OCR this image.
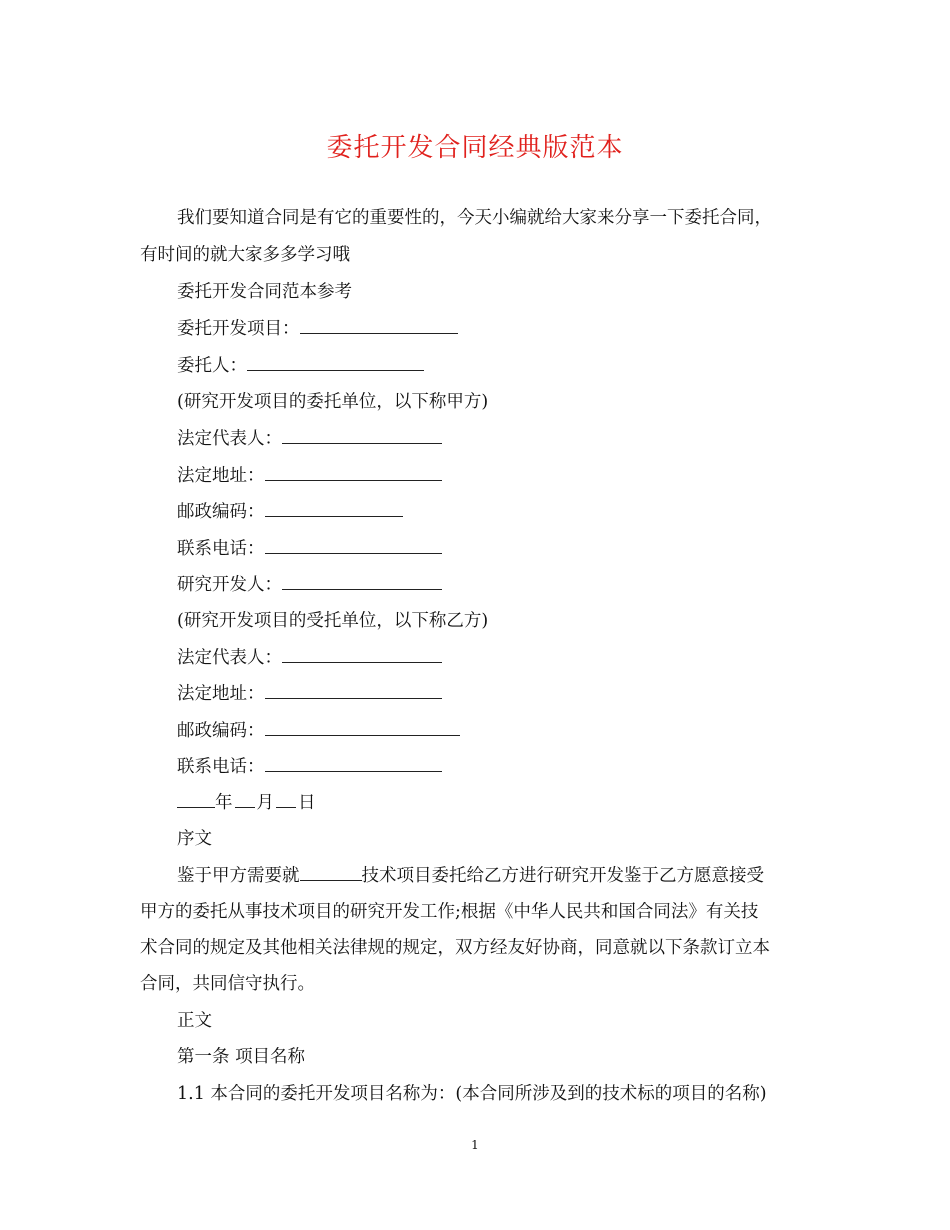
委托开发合同经典版范本
我们要知道合同是有它的重要性的，今天小编就给大家来分享一下委托合同，
有时间的就大家多多学习哦
委托开发合同范本参考
委托开发项目：
委托人：
(研究开发项目的委托单位，以下称甲方)
法定代表人：
法定地址：
邮政编码：
联系电话：
研究开发人：
(研究开发项目的受托单位，以下称乙方)
法定代表人：
法定地址：
邮政编码：
联系电话：
年 月 日
序文
鉴于甲方需要就	技术项目委托给乙方进行研究开发鉴于乙方愿意接受
甲方的委托从事技术项目的研究开发工作;根据《中华人民共和国合同法》有关技
术合同的规定及其他相关法律规的规定，双方经友好协商，同意就以下条款订立本
合同，共同信守执行。
正文
第一条 项目名称
1.1 本合同的委托开发项目名称为：(本合同所涉及到的技术标的项目的名称)
1
